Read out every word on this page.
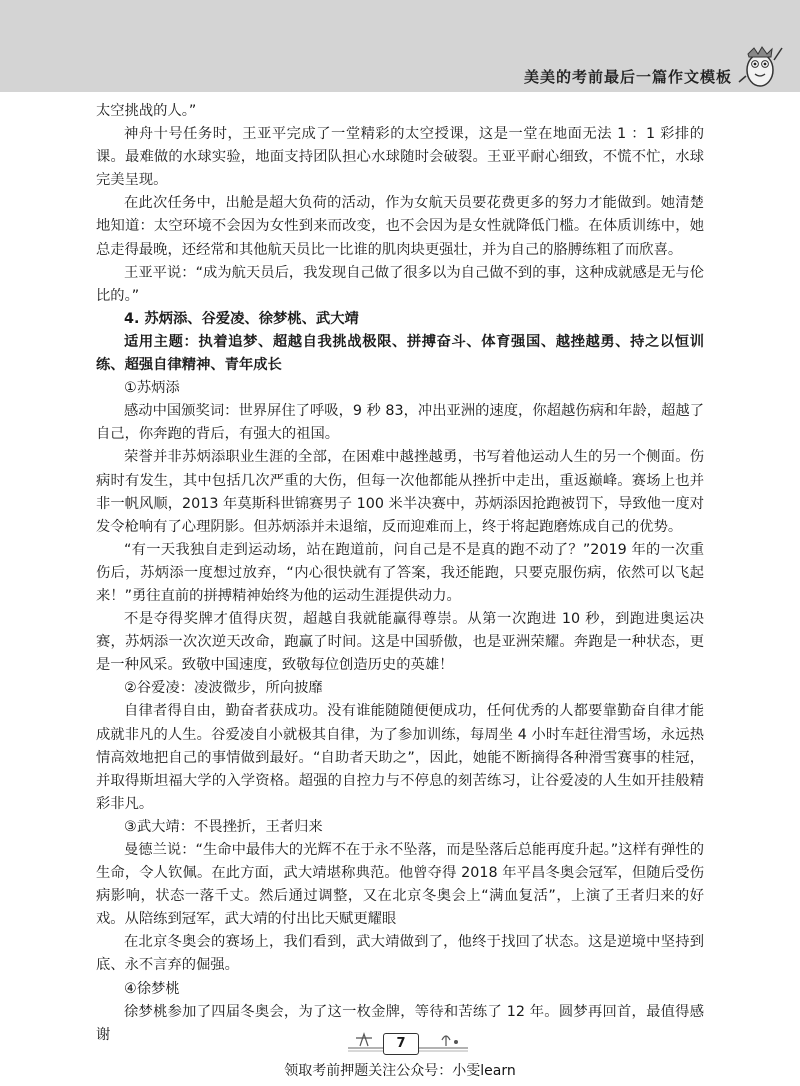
美美的考前最后一篇作文模板

太空挑战的人。”

神舟十号任务时，王亚平完成了一堂精彩的太空授课，这是一堂在地面无法 1 ：1 彩排的课。最难做的水球实验，地面支持团队担心水球随时会破裂。王亚平耐心细致，不慌不忙，水球完美呈现。

在此次任务中，出舱是超大负荷的活动，作为女航天员要花费更多的努力才能做到。她清楚地知道：太空环境不会因为女性到来而改变，也不会因为是女性就降低门槛。在体质训练中，她总走得最晚，还经常和其他航天员比一比谁的肌肉块更强壮，并为自己的胳膊练粗了而欣喜。

王亚平说：“成为航天员后，我发现自己做了很多以为自己做不到的事，这种成就感是无与伦比的。”

4. 苏炳添、谷爱凌、徐梦桃、武大靖

适用主题：执着追梦、超越自我挑战极限、拼搏奋斗、体育强国、越挫越勇、持之以恒训练、超强自律精神、青年成长

①苏炳添

感动中国颁奖词：世界屏住了呼吸，9 秒 83，冲出亚洲的速度，你超越伤病和年龄，超越了自己，你奔跑的背后，有强大的祖国。

荣誉并非苏炳添职业生涯的全部，在困难中越挫越勇，书写着他运动人生的另一个侧面。伤病时有发生，其中包括几次严重的大伤，但每一次他都能从挫折中走出，重返巅峰。赛场上也并非一帆风顺，2013 年莫斯科世锦赛男子 100 米半决赛中，苏炳添因抢跑被罚下，导致他一度对发令枪响有了心理阴影。但苏炳添并未退缩，反而迎难而上，终于将起跑磨炼成自己的优势。

“有一天我独自走到运动场，站在跑道前，问自己是不是真的跑不动了？”2019 年的一次重伤后，苏炳添一度想过放弃，“内心很快就有了答案，我还能跑，只要克服伤病，依然可以飞起来！”勇往直前的拼搏精神始终为他的运动生涯提供动力。

不是夺得奖牌才值得庆贺，超越自我就能赢得尊崇。从第一次跑进 10 秒，到跑进奥运决赛，苏炳添一次次逆天改命，跑赢了时间。这是中国骄傲，也是亚洲荣耀。奔跑是一种状态，更是一种风采。致敬中国速度，致敬每位创造历史的英雄！

②谷爱凌：凌波微步，所向披靡

自律者得自由，勤奋者获成功。没有谁能随随便便成功，任何优秀的人都要靠勤奋自律才能成就非凡的人生。谷爱凌自小就极其自律，为了参加训练，每周坐 4 小时车赶往滑雪场，永远热情高效地把自己的事情做到最好。“自助者天助之”，因此，她能不断摘得各种滑雪赛事的桂冠，并取得斯坦福大学的入学资格。超强的自控力与不停息的刻苦练习，让谷爱凌的人生如开挂般精彩非凡。

③武大靖：不畏挫折，王者归来

曼德兰说：“生命中最伟大的光辉不在于永不坠落，而是坠落后总能再度升起。”这样有弹性的生命，令人钦佩。在此方面，武大靖堪称典范。他曾夺得 2018 年平昌冬奥会冠军，但随后受伤病影响，状态一落千丈。然后通过调整，又在北京冬奥会上“满血复活”，上演了王者归来的好戏。从陪练到冠军，武大靖的付出比天赋更耀眼

在北京冬奥会的赛场上，我们看到，武大靖做到了，他终于找回了状态。这是逆境中坚持到底、永不言弃的倔强。

④徐梦桃

徐梦桃参加了四届冬奥会，为了这一枚金牌，等待和苦练了 12 年。圆梦再回首，最值得感谢

7
领取考前押题关注公众号：小雯learn
